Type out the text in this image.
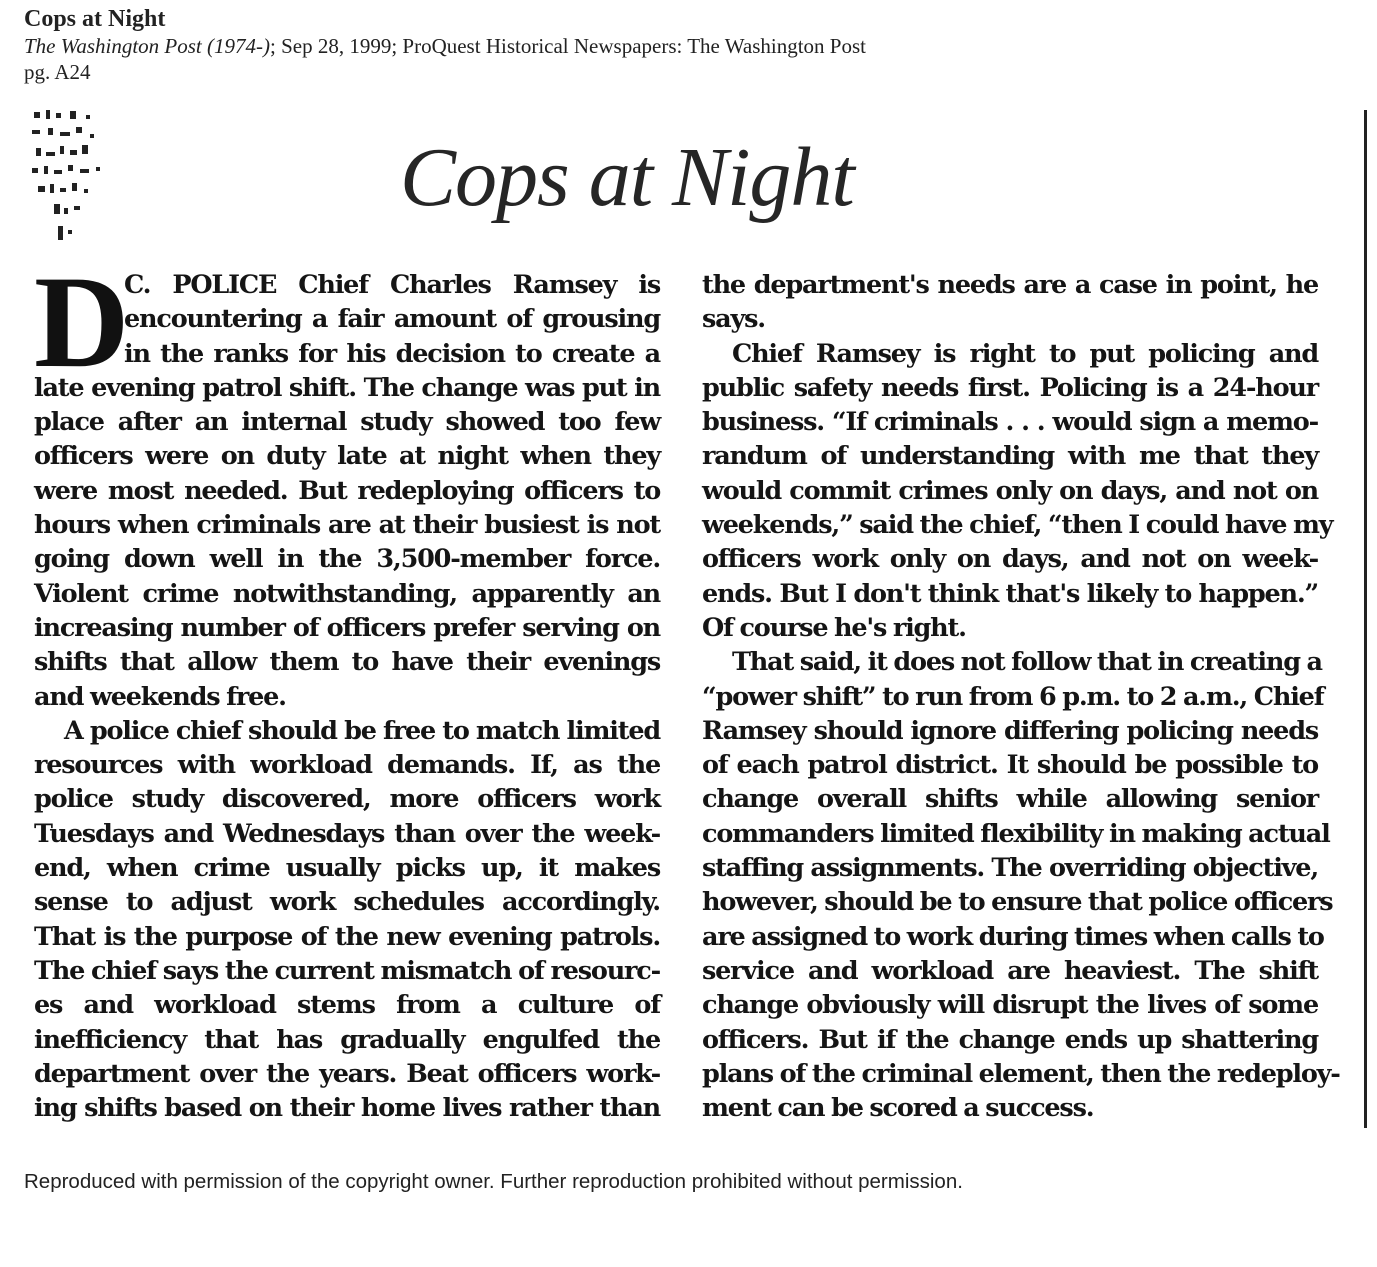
Cops at Night
The Washington Post (1974-); Sep 28, 1999; ProQuest Historical Newspapers: The Washington Post
pg. A24
Cops at Night
D
C. POLICE Chief Charles Ramsey is
encountering a fair amount of grousing
in the ranks for his decision to create a
late evening patrol shift. The change was put in
place after an internal study showed too few
officers were on duty late at night when they
were most needed. But redeploying officers to
hours when criminals are at their busiest is not
going down well in the 3,500-member force.
Violent crime notwithstanding, apparently an
increasing number of officers prefer serving on
shifts that allow them to have their evenings
and weekends free.
A police chief should be free to match limited
resources with workload demands. If, as the
police study discovered, more officers work
Tuesdays and Wednesdays than over the week-
end, when crime usually picks up, it makes
sense to adjust work schedules accordingly.
That is the purpose of the new evening patrols.
The chief says the current mismatch of resourc-
es and workload stems from a culture of
inefficiency that has gradually engulfed the
department over the years. Beat officers work-
ing shifts based on their home lives rather than
the department's needs are a case in point, he
says.
Chief Ramsey is right to put policing and
public safety needs first. Policing is a 24-hour
business. “If criminals . . . would sign a memo-
randum of understanding with me that they
would commit crimes only on days, and not on
weekends,” said the chief, “then I could have my
officers work only on days, and not on week-
ends. But I don't think that's likely to happen.”
Of course he's right.
That said, it does not follow that in creating a
“power shift” to run from 6 p.m. to 2 a.m., Chief
Ramsey should ignore differing policing needs
of each patrol district. It should be possible to
change overall shifts while allowing senior
commanders limited flexibility in making actual
staffing assignments. The overriding objective,
however, should be to ensure that police officers
are assigned to work during times when calls to
service and workload are heaviest. The shift
change obviously will disrupt the lives of some
officers. But if the change ends up shattering
plans of the criminal element, then the redeploy-
ment can be scored a success.
Reproduced with permission of the copyright owner. Further reproduction prohibited without permission.
